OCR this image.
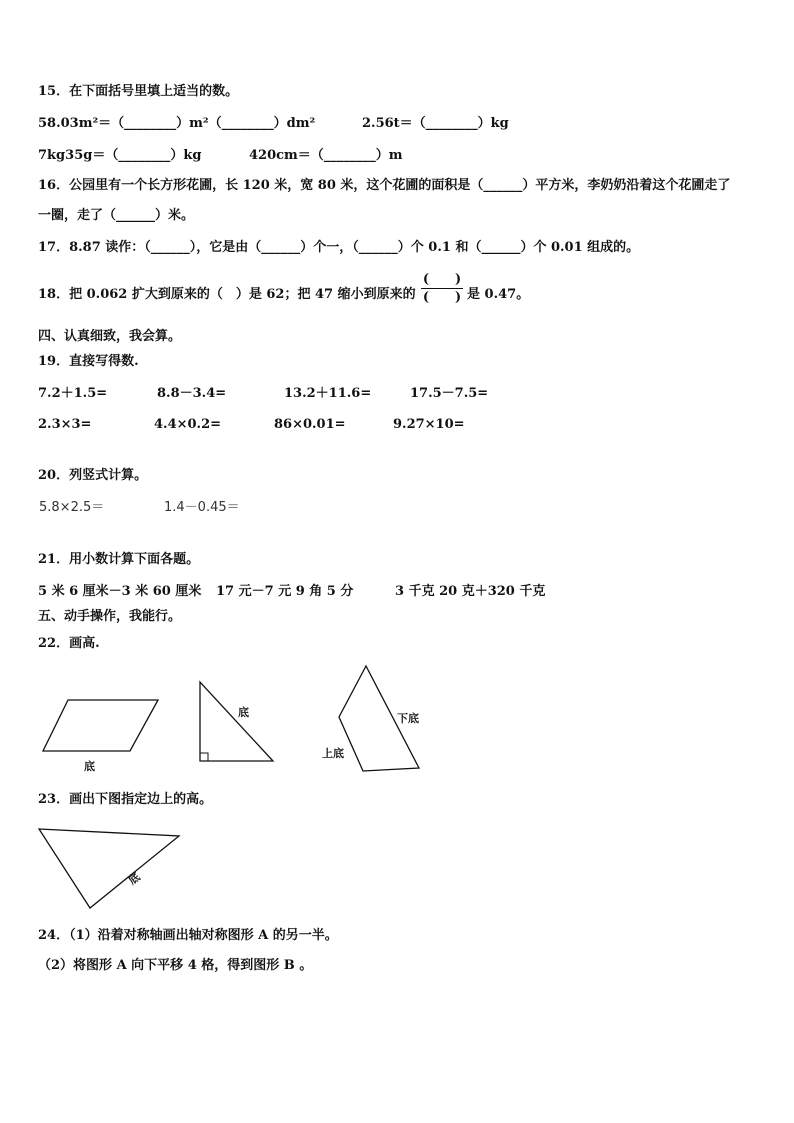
15．在下面括号里填上适当的数。
58.03m²＝（________）m²（________）dm²	2.56t＝（________）kg
7kg35g＝（________）kg	420cm＝（________）m
16．公园里有一个长方形花圃，长 120 米，宽 80 米，这个花圃的面积是（______）平方米，李奶奶沿着这个花圃走了
一圈，走了（______）米。
17．8.87 读作：（______），它是由（______）个一，（______）个 0.1 和（______）个 0.01 组成的。
18．把 0.062 扩大到原来的（　）是 62；把 47 缩小到原来的
(　　)
(　　) 是 0.47。
四、认真细致，我会算。
19．直接写得数.
7.2＋1.5=	8.8－3.4=	13.2＋11.6=	17.5－7.5=
2.3×3=	4.4×0.2=	86×0.01=	9.27×10=
20．列竖式计算。
5.8×2.5＝	1.4－0.45＝
21．用小数计算下面各题。
5 米 6 厘米－3 米 60 厘米 17 元－7 元 9 角 5 分	3 千克 20 克＋320 千克
五、动手操作，我能行。
22．画高.
底
底	下底
上底
23．画出下图指定边上的高。
底
24．（1）沿着对称轴画出轴对称图形 A 的另一半。
（2）将图形 A 向下平移 4 格，得到图形 B 。
